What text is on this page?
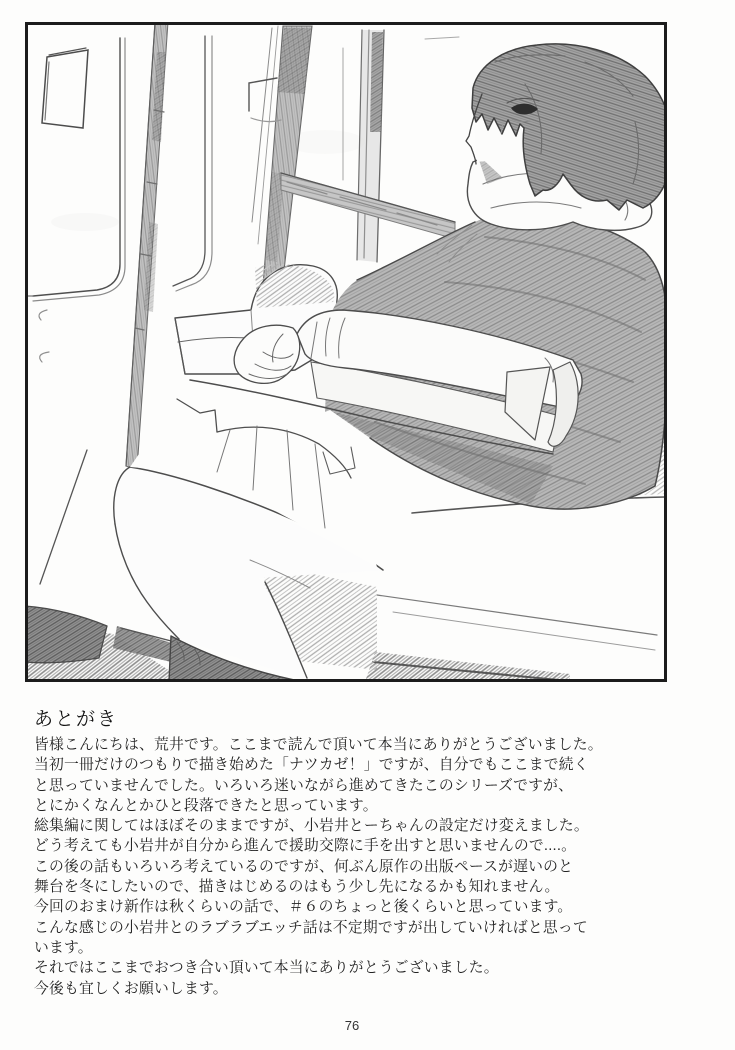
あとがき
皆様こんにちは、荒井です。ここまで読んで頂いて本当にありがとうございました。
当初一冊だけのつもりで描き始めた「ナツカゼ！」ですが、自分でもここまで続く
と思っていませんでした。いろいろ迷いながら進めてきたこのシリーズですが、
とにかくなんとかひと段落できたと思っています。
総集編に関してはほぼそのままですが、小岩井とーちゃんの設定だけ変えました。
どう考えても小岩井が自分から進んで援助交際に手を出すと思いませんので....。
この後の話もいろいろ考えているのですが、何ぶん原作の出版ペースが遅いのと
舞台を冬にしたいので、描きはじめるのはもう少し先になるかも知れません。
今回のおまけ新作は秋くらいの話で、＃６のちょっと後くらいと思っています。
こんな感じの小岩井とのラブラブエッチ話は不定期ですが出していければと思って
います。
それではここまでおつき合い頂いて本当にありがとうございました。
今後も宜しくお願いします。
76
